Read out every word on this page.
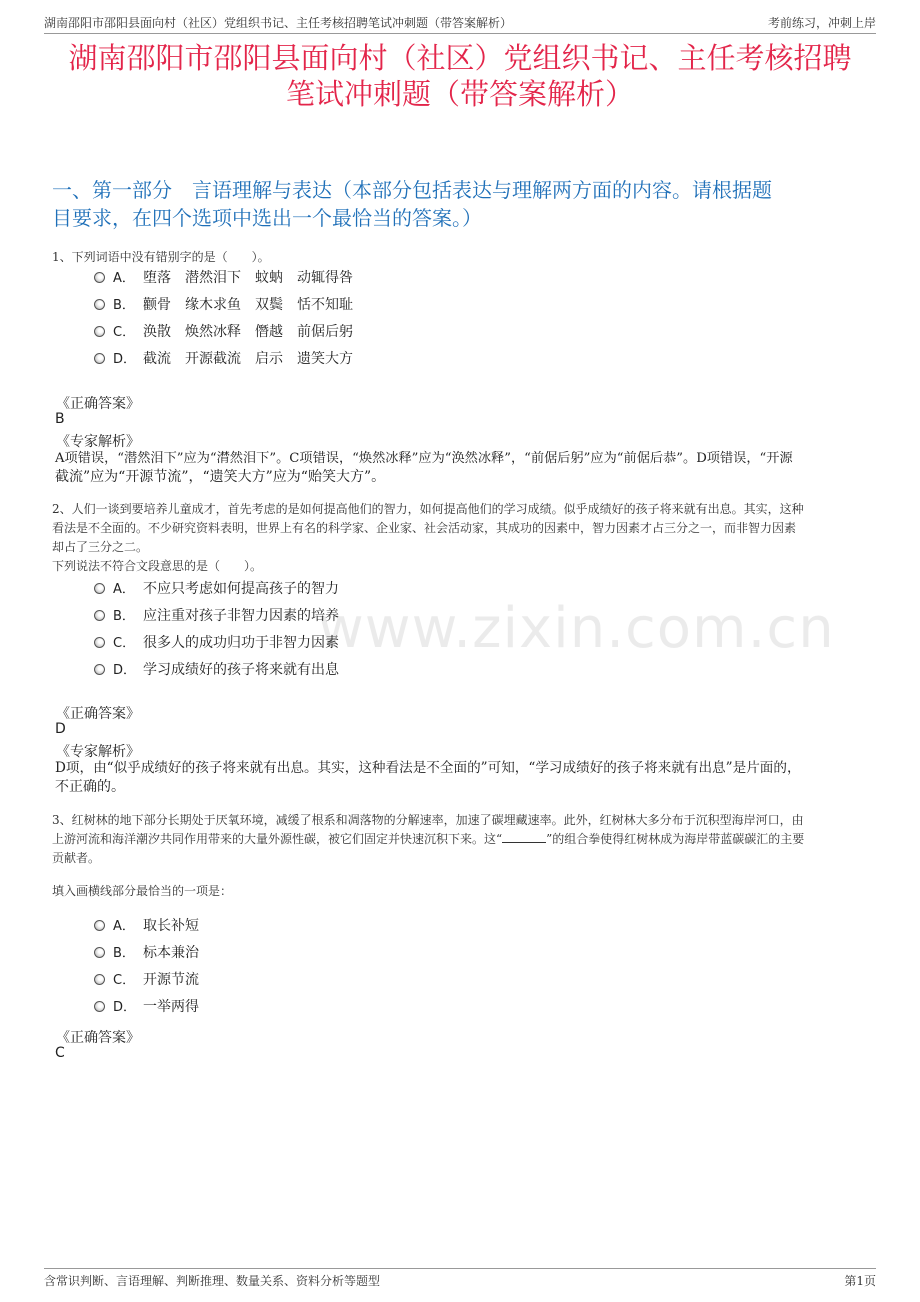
湖南邵阳市邵阳县面向村（社区）党组织书记、主任考核招聘笔试冲刺题（带答案解析）	考前练习，冲刺上岸
湖南邵阳市邵阳县面向村（社区）党组织书记、主任考核招聘
笔试冲刺题（带答案解析）
一、第一部分　言语理解与表达（本部分包括表达与理解两方面的内容。请根据题
目要求，在四个选项中选出一个最恰当的答案。）
1、下列词语中没有错别字的是（　　）。
A． 堕落　潜然泪下　蚊蚋　动辄得咎
B． 颧骨　缘木求鱼　双鬓　恬不知耻
C． 涣散　焕然冰释　僭越　前倨后躬
D． 截流　开源截流　启示　遗笑大方
《正确答案》
B
《专家解析》
A项错误，“潜然泪下”应为“潸然泪下”。C项错误，“焕然冰释”应为“涣然冰释”，“前倨后躬”应为“前倨后恭”。D项错误，“开源
截流”应为“开源节流”，“遗笑大方”应为“贻笑大方”。
2、人们一谈到要培养儿童成才，首先考虑的是如何提高他们的智力，如何提高他们的学习成绩。似乎成绩好的孩子将来就有出息。其实，这种
看法是不全面的。不少研究资料表明，世界上有名的科学家、企业家、社会活动家，其成功的因素中，智力因素才占三分之一，而非智力因素
却占了三分之二。
下列说法不符合文段意思的是（　　）。
A． 不应只考虑如何提高孩子的智力
B． 应注重对孩子非智力因素的培养
C． 很多人的成功归功于非智力因素
D． 学习成绩好的孩子将来就有出息
《正确答案》
D
《专家解析》
D项，由“似乎成绩好的孩子将来就有出息。其实，这种看法是不全面的”可知，“学习成绩好的孩子将来就有出息”是片面的，
不正确的。
3、红树林的地下部分长期处于厌氧环境，减缓了根系和凋落物的分解速率，加速了碳埋藏速率。此外，红树林大多分布于沉积型海岸河口，由
上游河流和海洋潮汐共同作用带来的大量外源性碳，被它们固定并快速沉积下来。这“	”的组合拳使得红树林成为海岸带蓝碳碳汇的主要
贡献者。
填入画横线部分最恰当的一项是：
A． 取长补短
B． 标本兼治
C． 开源节流
D． 一举两得
《正确答案》
C
www.zixin.com.cn
含常识判断、言语理解、判断推理、数量关系、资料分析等题型	第1页
